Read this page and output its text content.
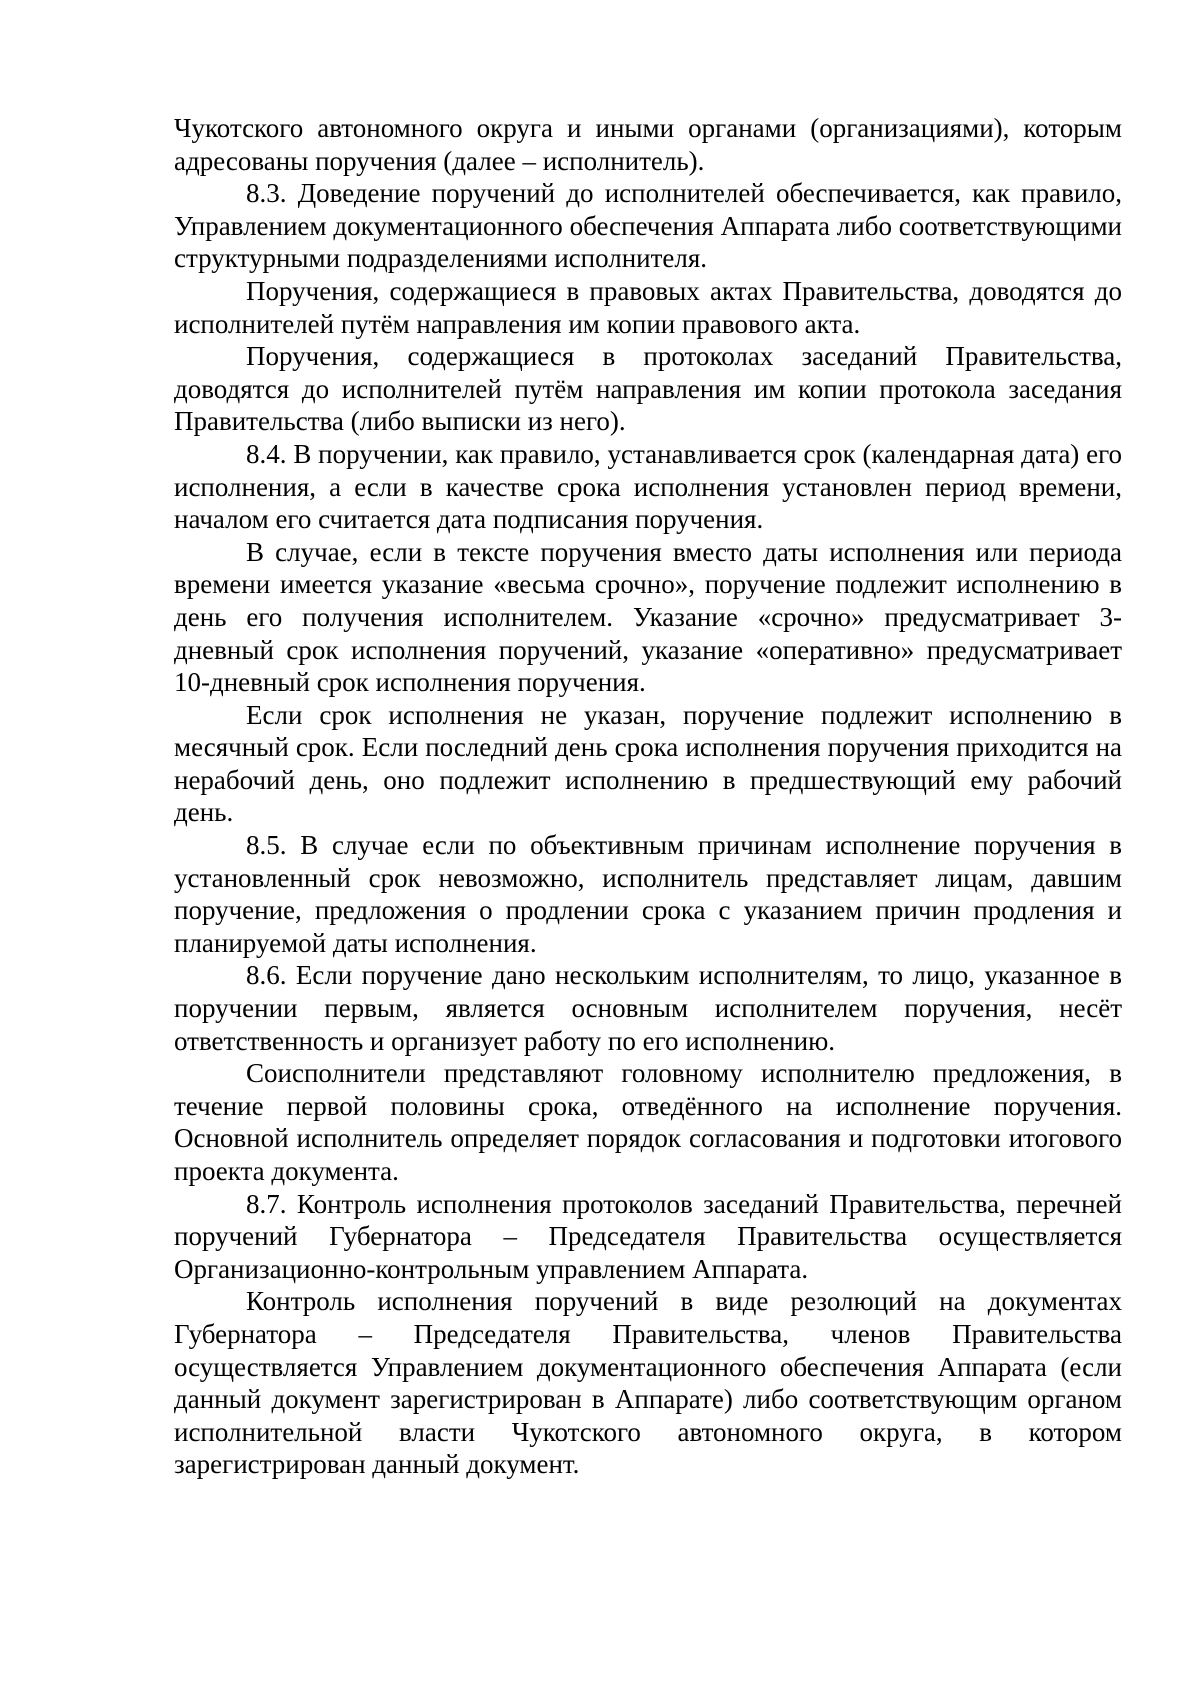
Чукотского автономного округа и иными органами (организациями), которым адресованы поручения (далее – исполнитель).

8.3. Доведение поручений до исполнителей обеспечивается, как правило, Управлением документационного обеспечения Аппарата либо соответствующими структурными подразделениями исполнителя.

Поручения, содержащиеся в правовых актах Правительства, доводятся до исполнителей путём направления им копии правового акта.

Поручения, содержащиеся в протоколах заседаний Правительства, доводятся до исполнителей путём направления им копии протокола заседания Правительства (либо выписки из него).

8.4. В поручении, как правило, устанавливается срок (календарная дата) его исполнения, а если в качестве срока исполнения установлен период времени, началом его считается дата подписания поручения.

В случае, если в тексте поручения вместо даты исполнения или периода времени имеется указание «весьма срочно», поручение подлежит исполнению в день его получения исполнителем. Указание «срочно» предусматривает 3-дневный срок исполнения поручений, указание «оперативно» предусматривает 10-дневный срок исполнения поручения.

Если срок исполнения не указан, поручение подлежит исполнению в месячный срок. Если последний день срока исполнения поручения приходится на нерабочий день, оно подлежит исполнению в предшествующий ему рабочий день.

8.5. В случае если по объективным причинам исполнение поручения в установленный срок невозможно, исполнитель представляет лицам, давшим поручение, предложения о продлении срока с указанием причин продления и планируемой даты исполнения.

8.6. Если поручение дано нескольким исполнителям, то лицо, указанное в поручении первым, является основным исполнителем поручения, несёт ответственность и организует работу по его исполнению.

Соисполнители представляют головному исполнителю предложения, в течение первой половины срока, отведённого на исполнение поручения. Основной исполнитель определяет порядок согласования и подготовки итогового проекта документа.

8.7. Контроль исполнения протоколов заседаний Правительства, перечней поручений Губернатора – Председателя Правительства осуществляется Организационно-контрольным управлением Аппарата.

Контроль исполнения поручений в виде резолюций на документах Губернатора – Председателя Правительства, членов Правительства осуществляется Управлением документационного обеспечения Аппарата (если данный документ зарегистрирован в Аппарате) либо соответствующим органом исполнительной власти Чукотского автономного округа, в котором зарегистрирован данный документ.
